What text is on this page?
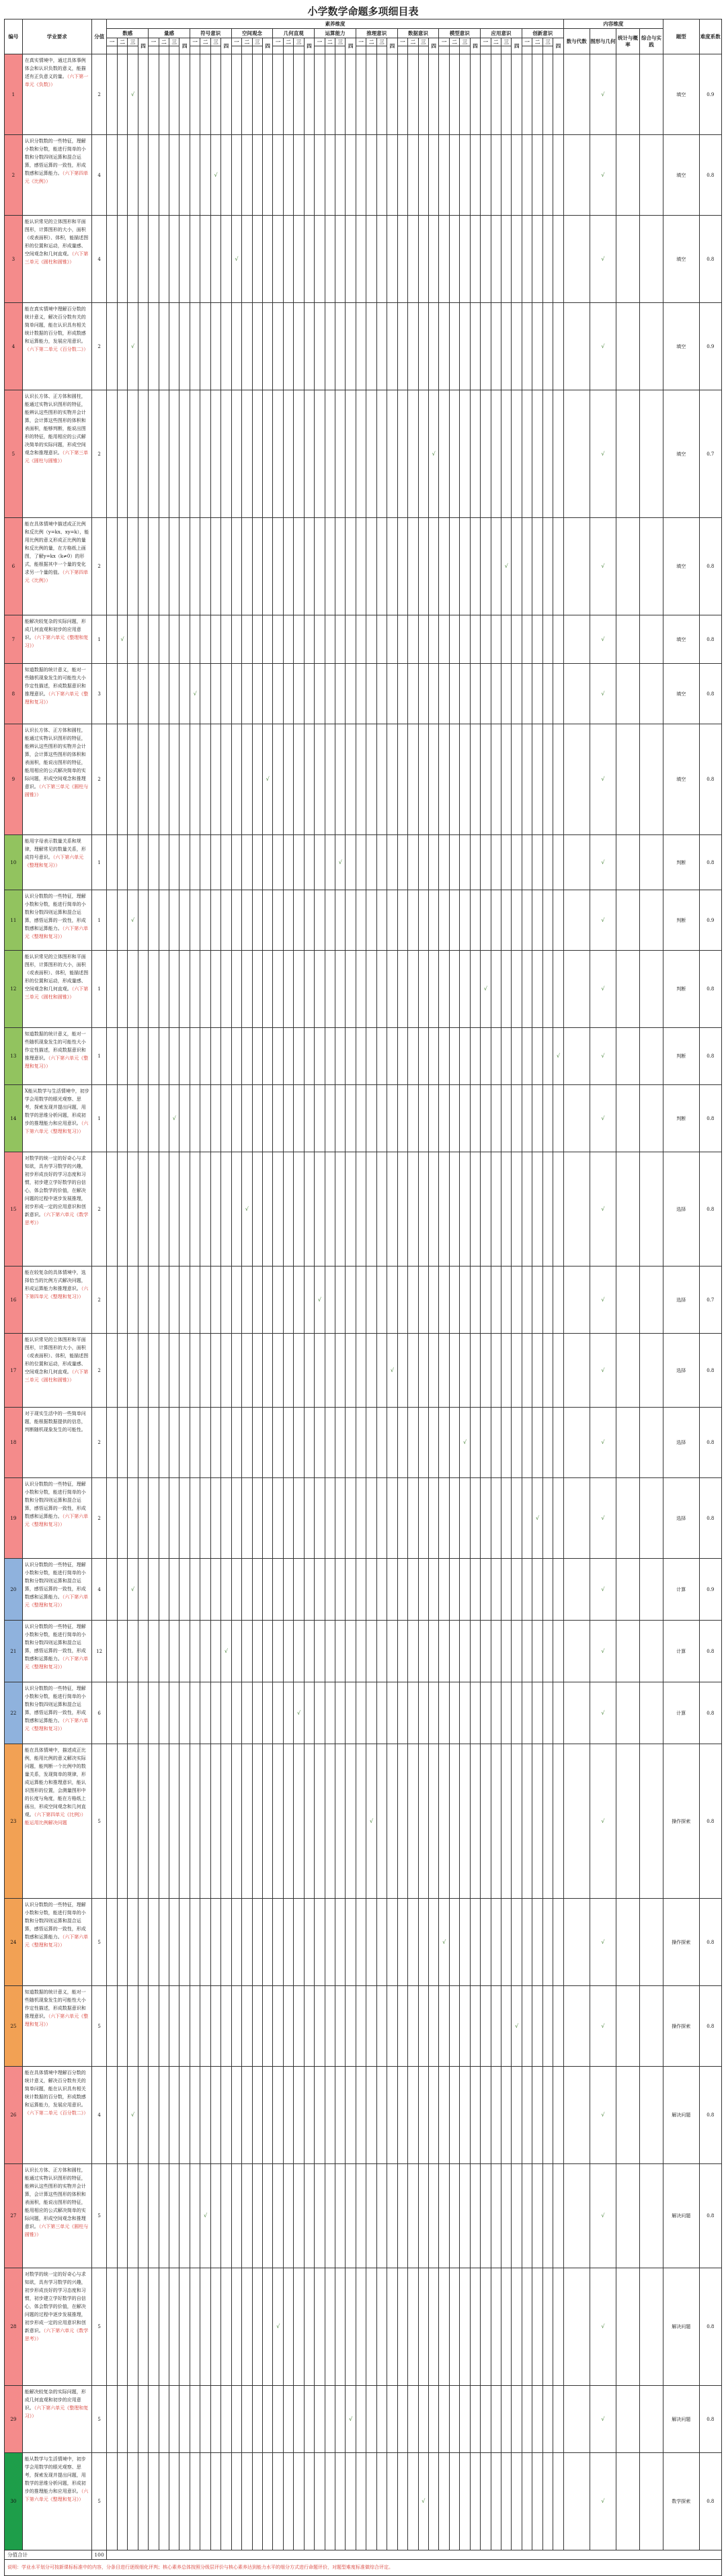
小学数学命题多项细目表
编号	学业要求	分值	素养维度																																												内容维度				题型	难度系数
			数感				量感				符号意识				空间观念				几何直观				运算能力				推理意识				数据意识				模型意识				应用意识				创新意识				数与代数	图形与几何	统计与概率	综合与实践		
			一	二	三	四	一	二	三	四	一	二	三	四	一	二	三	四	一	二	三	四	一	二	三	四	一	二	三	四	一	二	三	四	一	二	三	四	一	二	三	四	一	二	三	四						

1	在真实情境中，通过具体事例体会和认识负数的意义，能描述有正负意义的量。（六下第一单元《负数》）	2			√																																											√			填空	0.9
2	认识分数数的一些特征，理解小数和分数，能进行简单的小数和分数四则运算和混合运算，感悟运算的一致性，形成数感和运算能力。（六下第四单元《比例》）	4											√																																			√			填空	0.8
3	能认识常见的立体图形和平面图形，计算图形的大小，面积（或表面积）、体积，能描述图形的位置和运动，形成量感、空间观念和几何直观。（六下第三单元《圆柱和圆锥》）	4													√																																	√			填空	0.8
4	能在真实情境中理解百分数的统计意义，解决百分数有关的简单问题，能在认识具有相关统计数据的百分数，形成数感和运算能力，发展应用意识。（六下第二单元《百分数二》）	2			√																																											√			填空	0.9
5	认识长方体、正方体和圆柱，能通过实物认识图形的特征，能辨认这些图形的实物并会计算，会计算这些图形的体积和表面积，能够判断，能说出图形的特征，能用相应的公式解决简单的实际问题，形成空间观念和推理意识。（六下第三单元《圆柱与圆锥》）	2																																√														√			填空	0.7
6	能在具体情境中描述成正比例和反比例（y=kx、xy=k），能用比例的意义形成正比例的量和反比例的量，在方格纸上画图，了解y=kx（k≠0）的形式，能根据其中一个量的变化求另一个量的值。（六下第四单元《比例》）	2																																							√							√			填空	0.8
7	能解决较复杂的实际问题，形成几何直观和初步的应用意识。（六下第六单元《整理和复习》）	1		√																																												√			填空	0.8
8	知道数据的统计意义，能对一些随机现象发生的可能性大小作定性描述，形成数据意识和推理意识。（六下第六单元《整理和复习》）	3									√																																					√			填空	0.8
9	认识长方体、正方体和圆柱，能通过实物认识图形的特征，能辨认这些图形的实物并会计算，会计算这些图形的体积和表面积，能说出图形的特征，能用相应的公式解决简单的实际问题，形成空间观念和推理意识。（六下第三单元《圆柱与圆锥》）	2																√																														√			填空	0.8
10	能用字母表示数量关系和规律，理解常见的数量关系，形成符号意识。（六下第六单元《整理和复习》）	1																							√																							√			判断	0.8
11	认识分数数的一些特征，理解小数和分数，能进行简单的小数和分数四则运算和混合运算，感悟运算的一致性，形成数感和运算能力。（六下第六单元《整理和复习》）	1			√																																											√			判断	0.9
12	能认识常见的立体图形和平面图形，计算图形的大小，面积（或表面积）、体积，能描述图形的位置和运动，形成量感、空间观念和几何直观。（六下第三单元《圆柱和圆锥》）	1																																					√									√			判断	0.8
13	知道数据的统计意义，能对一些随机现象发生的可能性大小作定性描述，形成数据意识和推理意识。（六下第六单元《整理和复习》）	1																																												√		√			判断	0.8
14	X能从数学与生活情境中，初步学会用数学的眼光观察、思考，探索发现并提出问题，用数学的思维分析问题，形成初步的推理能力和应用意识。（六下第六单元《整理和复习》）	1							√																																							√			判断	0.8
15	对数学的统一定的好奇心与求知欲，具有学习数学的兴趣，初步形成良好的学习态度和习惯，初步建立学好数学的自信心，体会数学的价值，在解决问题的过程中逐步发展推理，初步形成一定的应用意识和创新意识。（六下第六单元《数学思考》）	2														√																																√			选择	0.8
16	能在较复杂的具体情境中，选择恰当的比例方式解决问题，形成运算能力和推理意识。（六下第四单元《整理和复习》）	2																					√																									√			选择	0.7
17	能认识常见的立体图形和平面图形，计算图形的大小，面积（或表面积）、体积，能描述图形的位置和运动，形成量感、空间观念和几何直观。（六下第三单元《圆柱和圆锥》）	2																												√																		√			选择	0.8
18	对于现实生活中的一些简单问题，能根据数据提供的信息，判断随机现象发生的可能性。	2																																			√											√			选择	0.8
19	认识分数数的一些特征，理解小数和分数，能进行简单的小数和分数四则运算和混合运算，感悟运算的一致性，形成数感和运算能力。（六下第六单元《整理和复习》）	2																																										√				√			选择	0.8
20	认识分数数的一些特征，理解小数和分数，能进行简单的小数和分数四则运算和混合运算，感悟运算的一致性，形成数感和运算能力。（六下第六单元《整理和复习》）	4			√																																											√			计算	0.9
21	认识分数数的一些特征，理解小数和分数，能进行简单的小数和分数四则运算和混合运算，感悟运算的一致性，形成数感和运算能力。（六下第六单元《整理和复习》）	12												√																																		√			计算	0.8
22	认识分数数的一些特征，理解小数和分数，能进行简单的小数和分数四则运算和混合运算，感悟运算的一致性，形成数感和运算能力。（六下第六单元《整理和复习》）	6																			√																											√			计算	0.8
23	能在具体情境中，描述成正比例，能用比例的意义解决实际问题，能判断一个比例中的数量关系，发现简单的规律，形成运算能力和推理意识，能认识图形的位置，会测量图形中的长度与角度，能在方格纸上画出，形成空间观念和几何直观。（六下第四单元《比例》）能运用比例解决问题	5																										√																				√			操作探索	0.8
24	认识分数数的一些特征，理解小数和分数，能进行简单的小数和分数四则运算和混合运算，感悟运算的一致性，形成数感和运算能力。（六下第六单元《整理和复习》）	5																																	√													√			操作探索	0.8
25	知道数据的统计意义，能对一些随机现象发生的可能性大小作定性描述，形成数据意识和推理意识。（六下第六单元《整理和复习》）	5																																								√						√			操作探索	0.8
26	能在具体情境中理解百分数的统计意义，解决百分数有关的简单问题，能在认识具有相关统计数据的百分数，形成数感和运算能力，发展应用意识。（六下第二单元《百分数二》）	4			√																																											√			解决问题	0.8
27	认识长方体、正方体和圆柱，能通过实物认识图形的特征，能辨认这些图形的实物并会计算，会计算这些图形的体积和表面积，能说出图形的特征，能用相应的公式解决简单的实际问题，形成空间观念和推理意识。（六下第三单元《圆柱与圆锥》）	5										√																																				√			解决问题	0.8
28	对数学的统一定的好奇心与求知欲，具有学习数学的兴趣，初步形成良好的学习态度和习惯，初步建立学好数学的自信心，体会数学的价值，在解决问题的过程中逐步发展推理，初步形成一定的应用意识和创新意识。（六下第六单元《数学思考》）	5																	√																													√			解决问题	0.8
29	能解决较复杂的实际问题，形成几何直观和初步的应用意识。（六下第六单元《整理和复习》）	5																								√																						√			解决问题	0.8
30	能从数学与生活情境中，初步学会用数学的眼光观察、思考，探索发现并提出问题，用数学的思维分析问题，形成初步的推理能力和应用意识。（六下第六单元《整理和复习》）	5																															√															√			数学探索	0.8
分值合计		100																																																		
说明：学业水平划分可按新课标标准中的内容，分条目进行逐级细化评判；核心素养总体按照分级层评价与核心素养达到能力水平的细分方式进行命题评价，对题型难度标准做综合评定。																																																				
